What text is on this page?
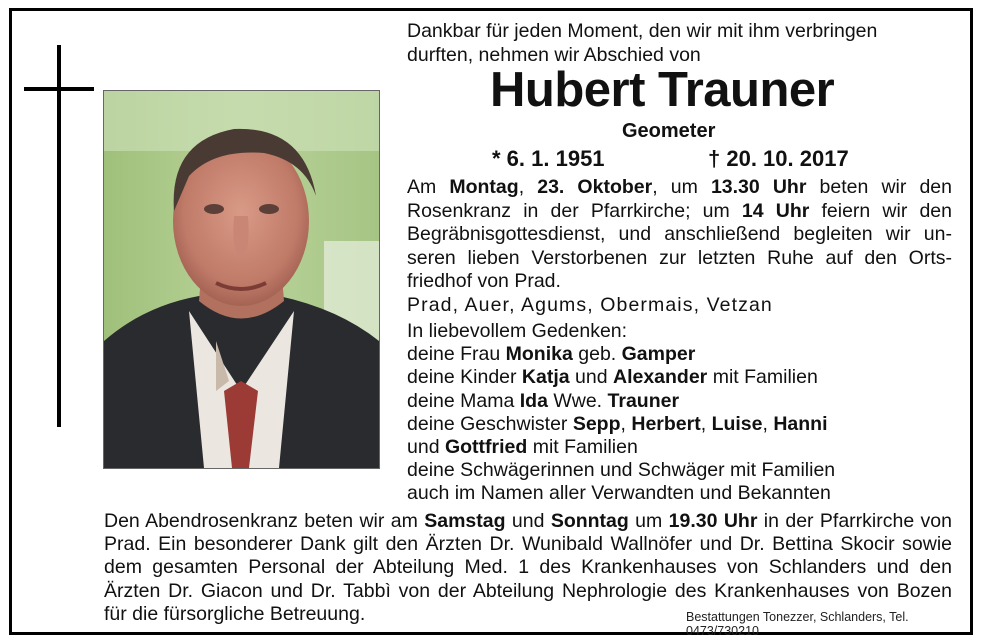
Dankbar für jeden Moment, den wir mit ihm verbringen
durften, nehmen wir Abschied von
Hubert Trauner
Geometer
* 6. 1. 1951	† 20. 10. 2017
Am Montag, 23. Oktober, um 13.30 Uhr beten wir den
Rosenkranz in der Pfarrkirche; um 14 Uhr feiern wir den
Begräbnisgottesdienst, und anschließend begleiten wir un-
seren lieben Verstorbenen zur letzten Ruhe auf den Orts-
friedhof von Prad.
Prad, Auer, Agums, Obermais, Vetzan
In liebevollem Gedenken:
deine Frau Monika geb. Gamper
deine Kinder Katja und Alexander mit Familien
deine Mama Ida Wwe. Trauner
deine Geschwister Sepp, Herbert, Luise, Hanni
und Gottfried mit Familien
deine Schwägerinnen und Schwäger mit Familien
auch im Namen aller Verwandten und Bekannten
Den Abendrosenkranz beten wir am Samstag und Sonntag um 19.30 Uhr in der Pfarrkirche von
Prad. Ein besonderer Dank gilt den Ärzten Dr. Wunibald Wallnöfer und Dr. Bettina Skocir sowie
dem gesamten Personal der Abteilung Med. 1 des Krankenhauses von Schlanders und den
Ärzten Dr. Giacon und Dr. Tabbì von der Abteilung Nephrologie des Krankenhauses von Bozen
für die fürsorgliche Betreuung.	Bestattungen Tonezzer, Schlanders, Tel. 0473/730210
